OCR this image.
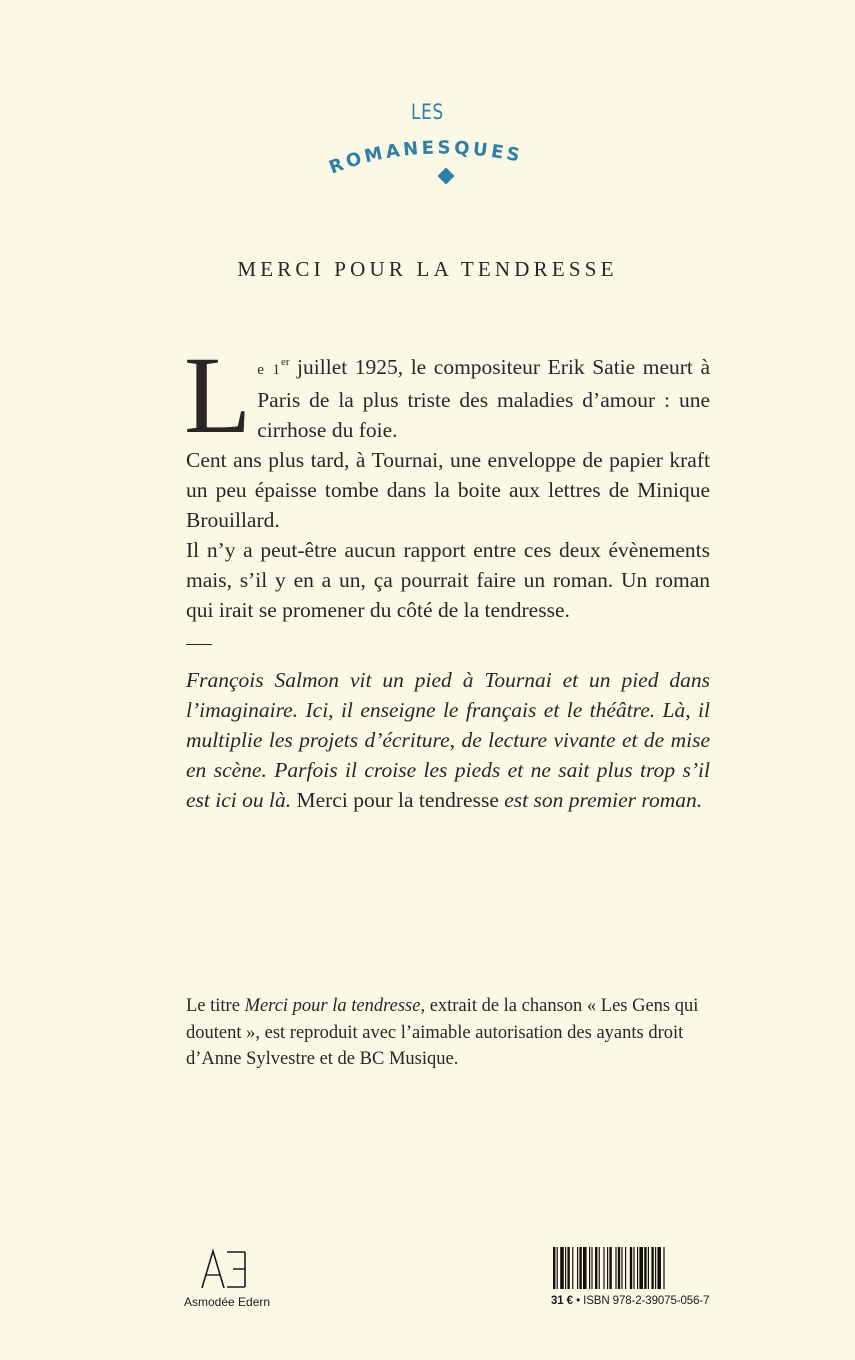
LES
ROMANESQUES
MERCI POUR LA TENDRESSE

Le 1er juillet 1925, le compositeur Erik Satie meurt à Paris de la plus triste des maladies d’amour : une cirrhose du foie.

Cent ans plus tard, à Tournai, une enveloppe de papier kraft un peu épaisse tombe dans la boite aux lettres de Minique Brouillard.

Il n’y a peut-être aucun rapport entre ces deux évènements mais, s’il y en a un, ça pourrait faire un roman. Un roman qui irait se promener du côté de la tendresse.

François Salmon vit un pied à Tournai et un pied dans l’imaginaire. Ici, il enseigne le français et le théâtre. Là, il multiplie les projets d’écriture, de lecture vivante et de mise en scène. Parfois il croise les pieds et ne sait plus trop s’il est ici ou là. Merci pour la tendresse est son premier roman.

Le titre Merci pour la tendresse, extrait de la chanson « Les Gens qui doutent », est reproduit avec l’aimable autorisation des ayants droit d’Anne Sylvestre et de BC Musique.
Asmodée Edern	31 € • ISBN 978-2-39075-056-7
